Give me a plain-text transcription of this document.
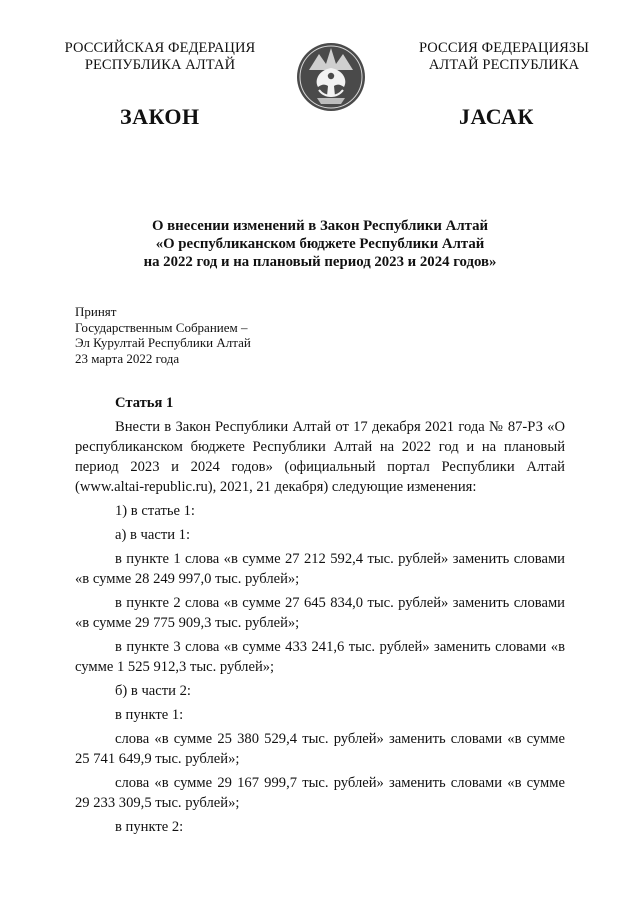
РОССИЙСКАЯ ФЕДЕРАЦИЯ
РЕСПУБЛИКА АЛТАЙ
РОССИЯ ФЕДЕРАЦИЯЗЫ
АЛТАЙ РЕСПУБЛИКА
ЗАКОН	JАСАК
О внесении изменений в Закон Республики Алтай
«О республиканском бюджете Республики Алтай
на 2022 год и на плановый период 2023 и 2024 годов»
Принят
Государственным Собранием –
Эл Курултай Республики Алтай
23 марта 2022 года

Статья 1

Внести в Закон Республики Алтай от 17 декабря 2021 года № 87-РЗ «О республиканском бюджете Республики Алтай на 2022 год и на плановый период 2023 и 2024 годов» (официальный портал Республики Алтай (www.altai-republic.ru), 2021, 21 декабря) следующие изменения:

1) в статье 1:

а) в части 1:

в пункте 1 слова «в сумме 27 212 592,4 тыс. рублей» заменить словами «в сумме 28 249 997,0 тыс. рублей»;

в пункте 2 слова «в сумме 27 645 834,0 тыс. рублей» заменить словами «в сумме 29 775 909,3 тыс. рублей»;

в пункте 3 слова «в сумме 433 241,6 тыс. рублей» заменить словами «в сумме 1 525 912,3 тыс. рублей»;

б) в части 2:

в пункте 1:

слова «в сумме 25 380 529,4 тыс. рублей» заменить словами «в сумме 25 741 649,9 тыс. рублей»;

слова «в сумме 29 167 999,7 тыс. рублей» заменить словами «в сумме 29 233 309,5 тыс. рублей»;

в пункте 2:
